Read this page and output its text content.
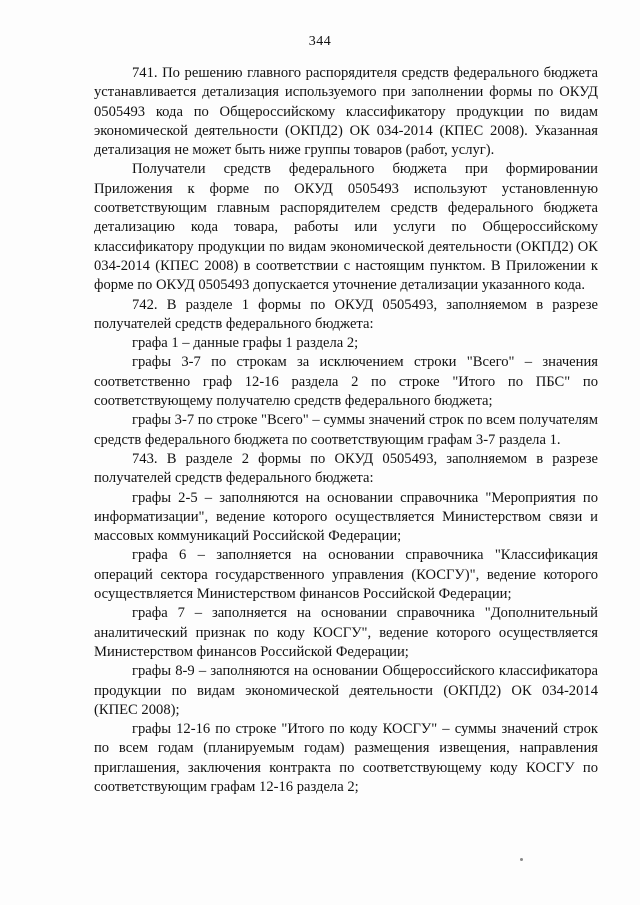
344

741. По решению главного распорядителя средств федерального бюджета устанавливается детализация используемого при заполнении формы по ОКУД 0505493 кода по Общероссийскому классификатору продукции по видам экономической деятельности (ОКПД2) ОК 034-2014 (КПЕС 2008). Указанная детализация не может быть ниже группы товаров (работ, услуг).

Получатели средств федерального бюджета при формировании Приложения к форме по ОКУД 0505493 используют установленную соответствующим главным распорядителем средств федерального бюджета детализацию кода товара, работы или услуги по Общероссийскому классификатору продукции по видам экономической деятельности (ОКПД2) ОК 034-2014 (КПЕС 2008) в соответствии с настоящим пунктом. В Приложении к форме по ОКУД 0505493 допускается уточнение детализации указанного кода.

742. В разделе 1 формы по ОКУД 0505493, заполняемом в разрезе получателей средств федерального бюджета:

графа 1 – данные графы 1 раздела 2;

графы 3-7 по строкам за исключением строки "Всего" – значения соответственно граф 12-16 раздела 2 по строке "Итого по ПБС" по соответствующему получателю средств федерального бюджета;

графы 3-7 по строке "Всего" – суммы значений строк по всем получателям средств федерального бюджета по соответствующим графам 3-7 раздела 1.

743. В разделе 2 формы по ОКУД 0505493, заполняемом в разрезе получателей средств федерального бюджета:

графы 2-5 – заполняются на основании справочника "Мероприятия по информатизации", ведение которого осуществляется Министерством связи и массовых коммуникаций Российской Федерации;

графа 6 – заполняется на основании справочника "Классификация операций сектора государственного управления (КОСГУ)", ведение которого осуществляется Министерством финансов Российской Федерации;

графа 7 – заполняется на основании справочника "Дополнительный аналитический признак по коду КОСГУ", ведение которого осуществляется Министерством финансов Российской Федерации;

графы 8-9 – заполняются на основании Общероссийского классификатора продукции по видам экономической деятельности (ОКПД2) ОК 034-2014 (КПЕС 2008);

графы 12-16 по строке "Итого по коду КОСГУ" – суммы значений строк по всем годам (планируемым годам) размещения извещения, направления приглашения, заключения контракта по соответствующему коду КОСГУ по соответствующим графам 12-16 раздела 2;
